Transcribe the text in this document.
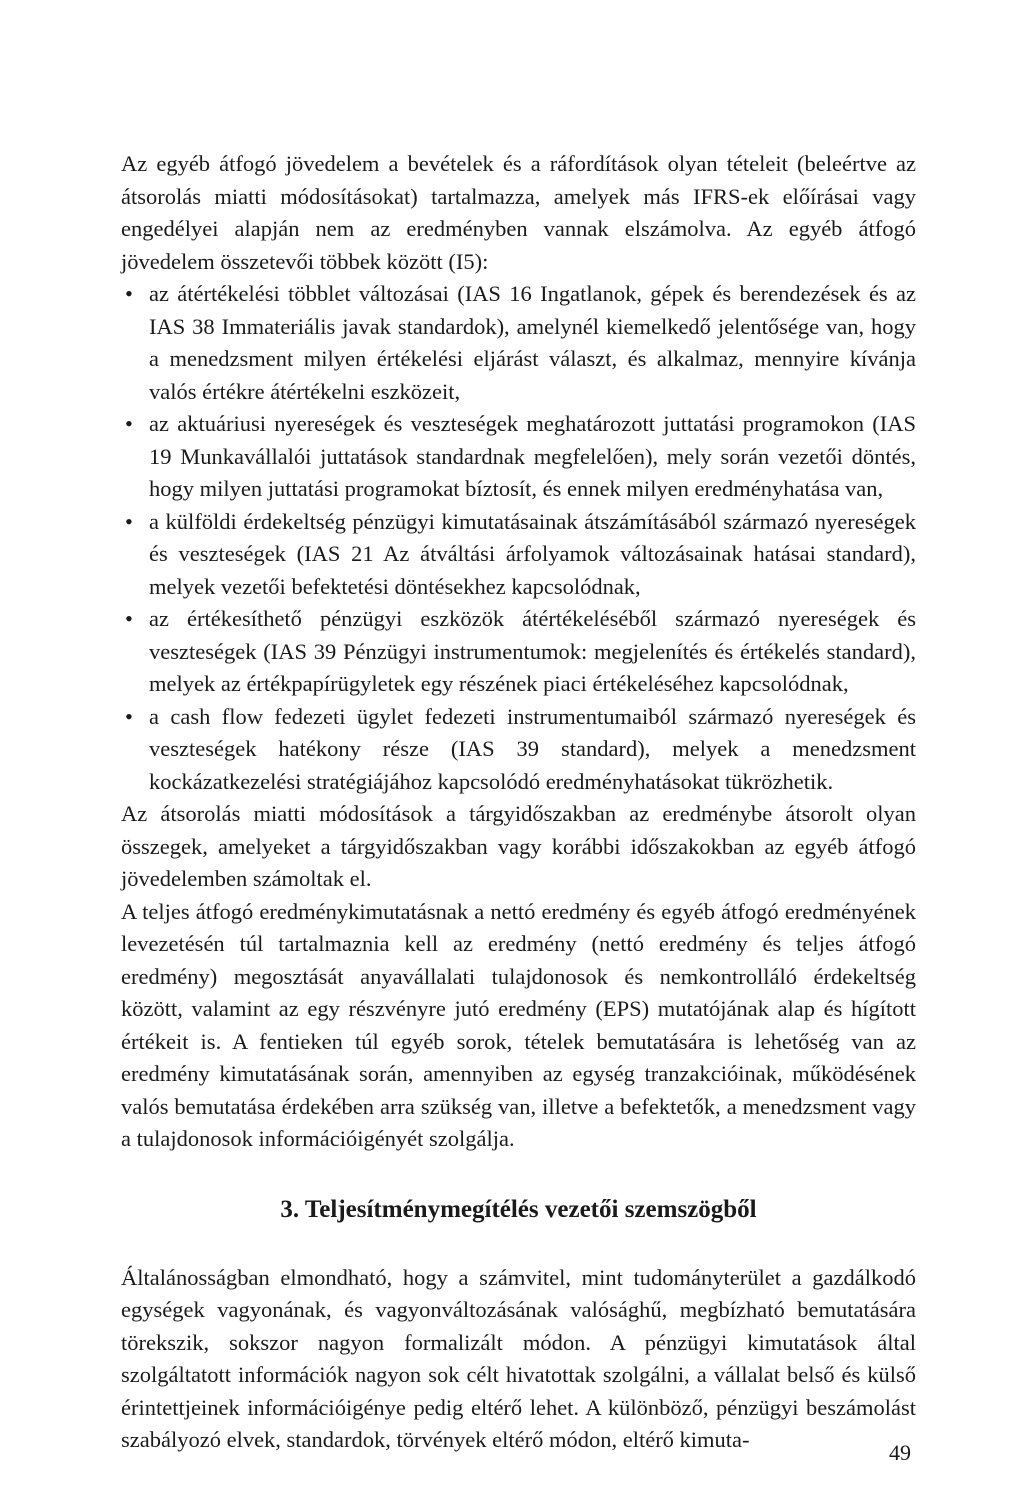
Az egyéb átfogó jövedelem a bevételek és a ráfordítások olyan tételeit (beleértve az átsorolás miatti módosításokat) tartalmazza, amelyek más IFRS-ek előírásai vagy engedélyei alapján nem az eredményben vannak elszámolva. Az egyéb átfogó jövedelem összetevői többek között (I5):

• az átértékelési többlet változásai (IAS 16 Ingatlanok, gépek és berendezések és az IAS 38 Immateriális javak standardok), amelynél kiemelkedő jelentősége van, hogy a menedzsment milyen értékelési eljárást választ, és alkalmaz, mennyire kívánja valós értékre átértékelni eszközeit,
• az aktuáriusi nyereségek és veszteségek meghatározott juttatási programokon (IAS 19 Munkavállalói juttatások standardnak megfelelően), mely során vezetői döntés, hogy milyen juttatási programokat bíztosít, és ennek milyen eredményhatása van,
• a külföldi érdekeltség pénzügyi kimutatásainak átszámításából származó nyereségek és veszteségek (IAS 21 Az átváltási árfolyamok változásainak hatásai standard), melyek vezetői befektetési döntésekhez kapcsolódnak,
• az értékesíthető pénzügyi eszközök átértékeléséből származó nyereségek és veszteségek (IAS 39 Pénzügyi instrumentumok: megjelenítés és értékelés standard), melyek az értékpapírügyletek egy részének piaci értékeléséhez kapcsolódnak,
• a cash flow fedezeti ügylet fedezeti instrumentumaiból származó nyereségek és veszteségek hatékony része (IAS 39 standard), melyek a menedzsment kockázatkezelési stratégiájához kapcsolódó eredményhatásokat tükrözhetik.

Az átsorolás miatti módosítások a tárgyidőszakban az eredménybe átsorolt olyan összegek, amelyeket a tárgyidőszakban vagy korábbi időszakokban az egyéb átfogó jövedelemben számoltak el.

A teljes átfogó eredménykimutatásnak a nettó eredmény és egyéb átfogó eredményének levezetésén túl tartalmaznia kell az eredmény (nettó eredmény és teljes átfogó eredmény) megosztását anyavállalati tulajdonosok és nemkontrolláló érdekeltség között, valamint az egy részvényre jutó eredmény (EPS) mutatójának alap és hígított értékeit is. A fentieken túl egyéb sorok, tételek bemutatására is lehetőség van az eredmény kimutatásának során, amennyiben az egység tranzakcióinak, működésének valós bemutatása érdekében arra szükség van, illetve a befektetők, a menedzsment vagy a tulajdonosok információigényét szolgálja.

3. Teljesítménymegítélés vezetői szemszögből

Általánosságban elmondható, hogy a számvitel, mint tudományterület a gazdálkodó egységek vagyonának, és vagyonváltozásának valósághű, megbízható bemutatására törekszik, sokszor nagyon formalizált módon. A pénzügyi kimutatások által szolgáltatott információk nagyon sok célt hivatottak szolgálni, a vállalat belső és külső érintettjeinek információigénye pedig eltérő lehet. A különböző, pénzügyi beszámolást szabályozó elvek, standardok, törvények eltérő módon, eltérő kimuta-

49
